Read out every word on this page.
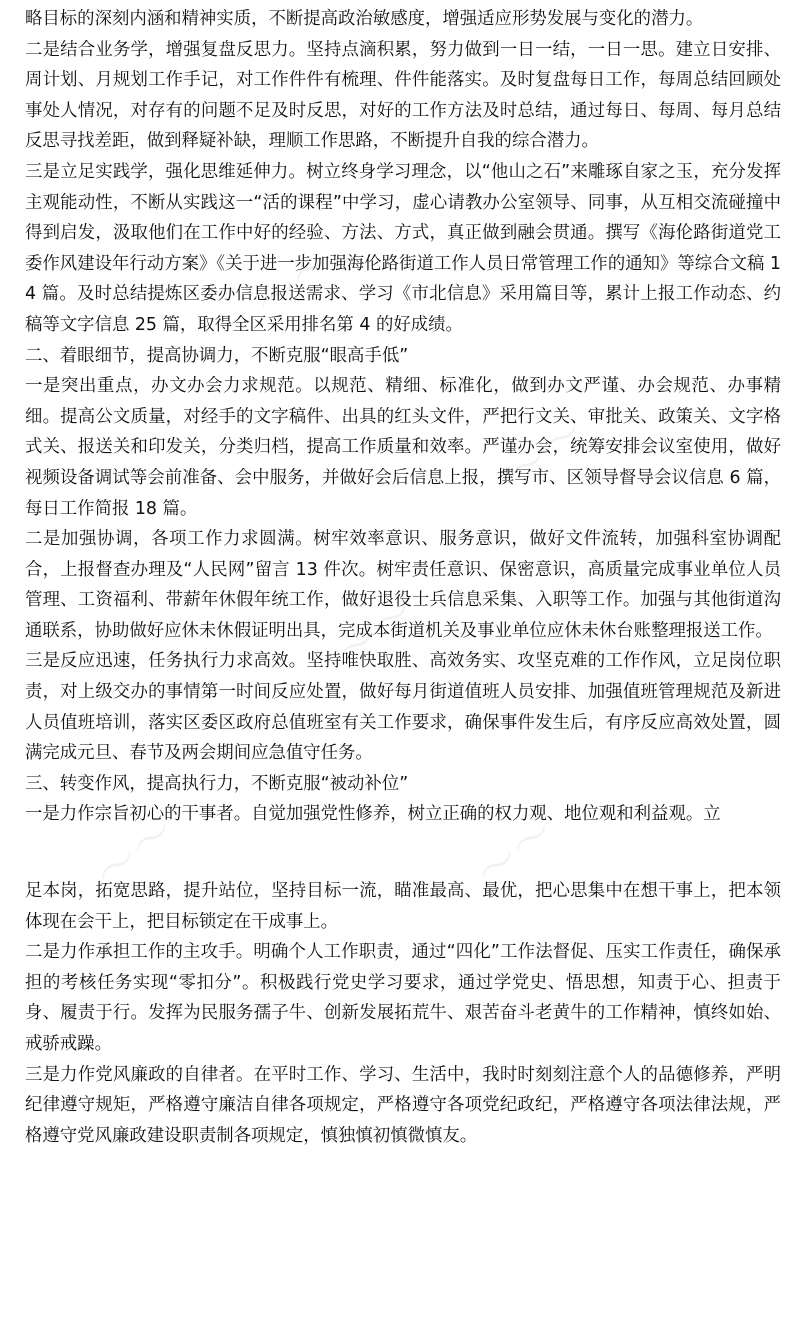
〜〜
〜〜
〜〜
〜〜	〜〜

略目标的深刻内涵和精神实质，不断提高政治敏感度，增强适应形势发展与变化的潜力。

二是结合业务学，增强复盘反思力。坚持点滴积累，努力做到一日一结，一日一思。建立日安排、周计划、月规划工作手记，对工作件件有梳理、件件能落实。及时复盘每日工作，每周总结回顾处事处人情况，对存有的问题不足及时反思，对好的工作方法及时总结，通过每日、每周、每月总结反思寻找差距，做到释疑补缺，理顺工作思路，不断提升自我的综合潜力。

三是立足实践学，强化思维延伸力。树立终身学习理念，以“他山之石”来雕琢自家之玉，充分发挥主观能动性，不断从实践这一“活的课程”中学习，虚心请教办公室领导、同事，从互相交流碰撞中得到启发，汲取他们在工作中好的经验、方法、方式，真正做到融会贯通。撰写《海伦路街道党工委作风建设年行动方案》《关于进一步加强海伦路街道工作人员日常管理工作的通知》等综合文稿 14 篇。及时总结提炼区委办信息报送需求、学习《市北信息》采用篇目等，累计上报工作动态、约稿等文字信息 25 篇，取得全区采用排名第 4 的好成绩。

二、着眼细节，提高协调力，不断克服“眼高手低”

一是突出重点，办文办会力求规范。以规范、精细、标准化，做到办文严谨、办会规范、办事精细。提高公文质量，对经手的文字稿件、出具的红头文件，严把行文关、审批关、政策关、文字格式关、报送关和印发关，分类归档，提高工作质量和效率。严谨办会，统筹安排会议室使用，做好视频设备调试等会前准备、会中服务，并做好会后信息上报，撰写市、区领导督导会议信息 6 篇，每日工作简报 18 篇。

二是加强协调，各项工作力求圆满。树牢效率意识、服务意识，做好文件流转，加强科室协调配合，上报督查办理及“人民网”留言 13 件次。树牢责任意识、保密意识，高质量完成事业单位人员管理、工资福利、带薪年休假年统工作，做好退役士兵信息采集、入职等工作。加强与其他街道沟通联系，协助做好应休未休假证明出具，完成本街道机关及事业单位应休未休台账整理报送工作。

三是反应迅速，任务执行力求高效。坚持唯快取胜、高效务实、攻坚克难的工作作风，立足岗位职责，对上级交办的事情第一时间反应处置，做好每月街道值班人员安排、加强值班管理规范及新进人员值班培训，落实区委区政府总值班室有关工作要求，确保事件发生后，有序反应高效处置，圆满完成元旦、春节及两会期间应急值守任务。

三、转变作风，提高执行力，不断克服“被动补位”

一是力作宗旨初心的干事者。自觉加强党性修养，树立正确的权力观、地位观和利益观。立

足本岗，拓宽思路，提升站位，坚持目标一流，瞄准最高、最优，把心思集中在想干事上，把本领体现在会干上，把目标锁定在干成事上。

二是力作承担工作的主攻手。明确个人工作职责，通过“四化”工作法督促、压实工作责任，确保承担的考核任务实现“零扣分”。积极践行党史学习要求，通过学党史、悟思想，知责于心、担责于身、履责于行。发挥为民服务孺子牛、创新发展拓荒牛、艰苦奋斗老黄牛的工作精神，慎终如始、戒骄戒躁。

三是力作党风廉政的自律者。在平时工作、学习、生活中，我时时刻刻注意个人的品德修养，严明纪律遵守规矩，严格遵守廉洁自律各项规定，严格遵守各项党纪政纪，严格遵守各项法律法规，严格遵守党风廉政建设职责制各项规定，慎独慎初慎微慎友。
